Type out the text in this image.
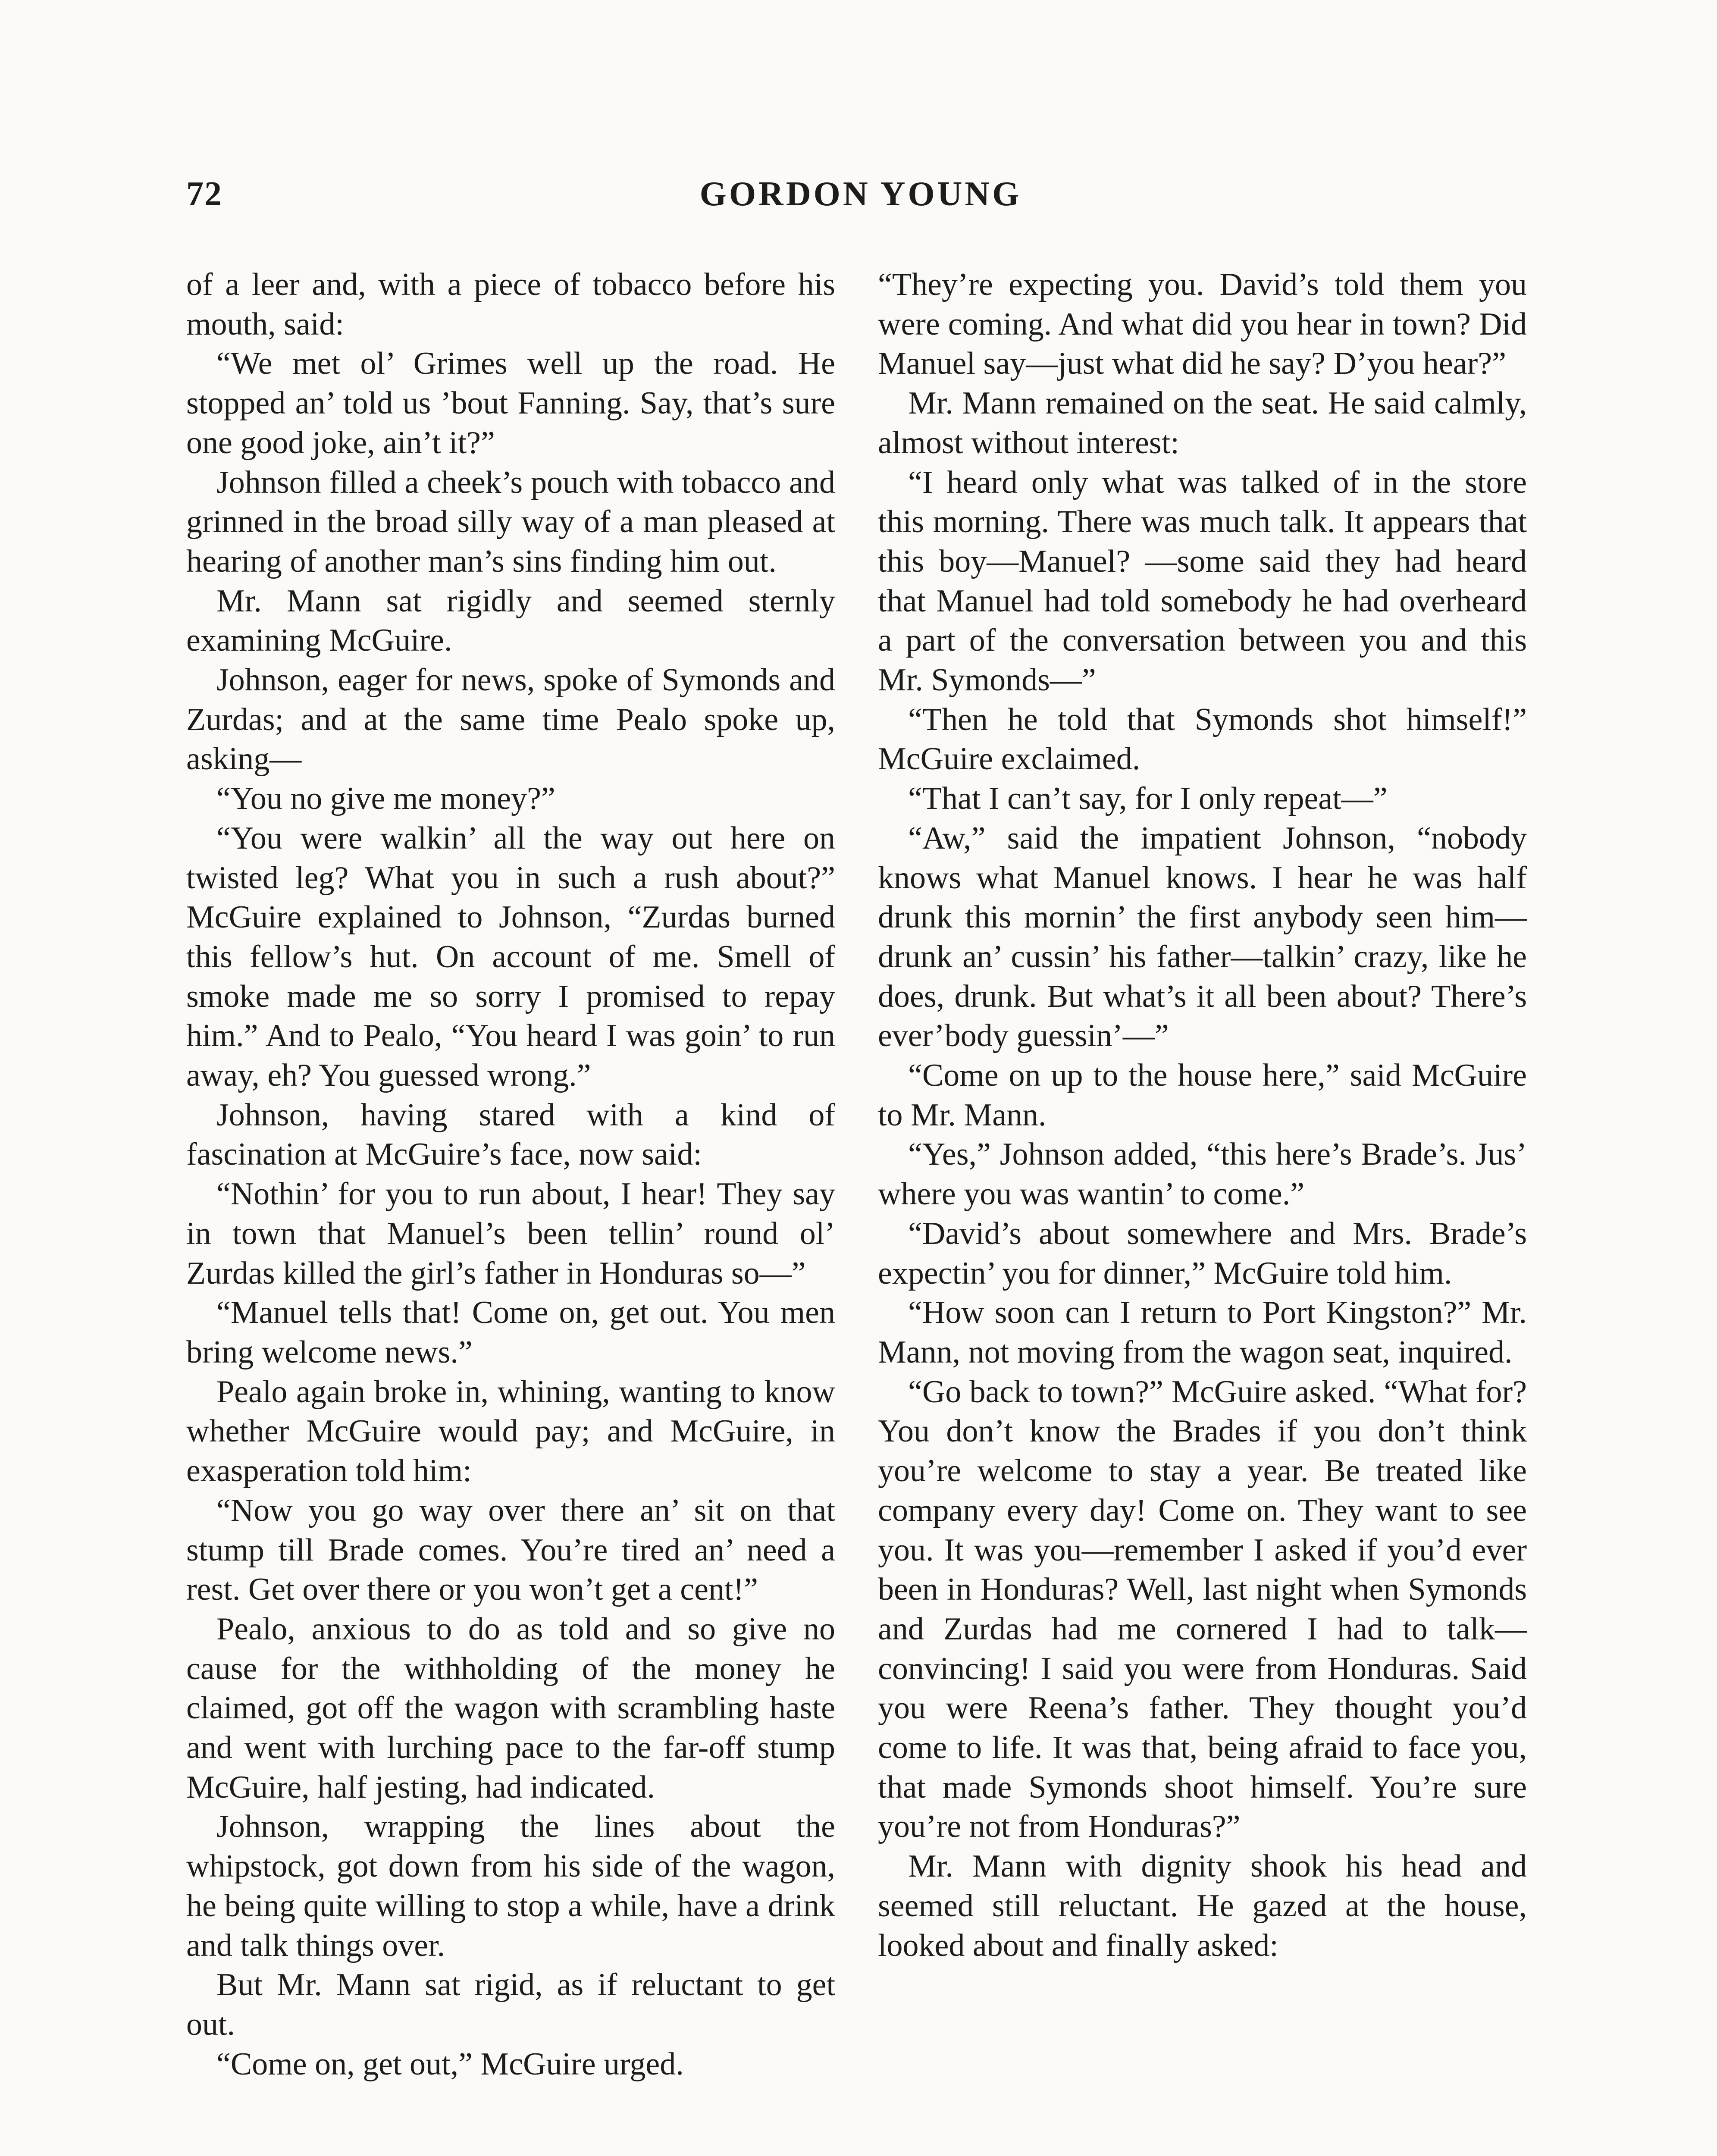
72	GORDON YOUNG

of a leer and, with a piece of tobacco before his mouth, said:

“We met ol’ Grimes well up the road. He stopped an’ told us ’bout Fanning. Say, that’s sure one good joke, ain’t it?”

Johnson filled a cheek’s pouch with tobacco and grinned in the broad silly way of a man pleased at hearing of another man’s sins finding him out.

Mr. Mann sat rigidly and seemed sternly examining McGuire.

Johnson, eager for news, spoke of Symonds and Zurdas; and at the same time Pealo spoke up, asking—

“You no give me money?”

“You were walkin’ all the way out here on twisted leg? What you in such a rush about?” McGuire explained to Johnson, “Zurdas burned this fellow’s hut. On account of me. Smell of smoke made me so sorry I promised to repay him.” And to Pealo, “You heard I was goin’ to run away, eh? You guessed wrong.”

Johnson, having stared with a kind of fascination at McGuire’s face, now said:

“Nothin’ for you to run about, I hear! They say in town that Manuel’s been tellin’ round ol’ Zurdas killed the girl’s father in Honduras so—”

“Manuel tells that! Come on, get out. You men bring welcome news.”

Pealo again broke in, whining, wanting to know whether McGuire would pay; and McGuire, in exasperation told him:

“Now you go way over there an’ sit on that stump till Brade comes. You’re tired an’ need a rest. Get over there or you won’t get a cent!”

Pealo, anxious to do as told and so give no cause for the withholding of the money he claimed, got off the wagon with scrambling haste and went with lurching pace to the far-off stump McGuire, half jesting, had indicated.

Johnson, wrapping the lines about the whipstock, got down from his side of the wagon, he being quite willing to stop a while, have a drink and talk things over.

But Mr. Mann sat rigid, as if reluctant to get out.

“Come on, get out,” McGuire urged.

“They’re expecting you. David’s told them you were coming. And what did you hear in town? Did Manuel say—just what did he say? D’you hear?”

Mr. Mann remained on the seat. He said calmly, almost without interest:

“I heard only what was talked of in the store this morning. There was much talk. It appears that this boy—Manuel? —some said they had heard that Manuel had told somebody he had overheard a part of the conversation between you and this Mr. Symonds—”

“Then he told that Symonds shot himself!” McGuire exclaimed.

“That I can’t say, for I only repeat—”

“Aw,” said the impatient Johnson, “nobody knows what Manuel knows. I hear he was half drunk this mornin’ the first anybody seen him—drunk an’ cussin’ his father—talkin’ crazy, like he does, drunk. But what’s it all been about? There’s ever’body guessin’—”

“Come on up to the house here,” said McGuire to Mr. Mann.

“Yes,” Johnson added, “this here’s Brade’s. Jus’ where you was wantin’ to come.”

“David’s about somewhere and Mrs. Brade’s expectin’ you for dinner,” McGuire told him.

“How soon can I return to Port Kingston?” Mr. Mann, not moving from the wagon seat, inquired.

“Go back to town?” McGuire asked. “What for? You don’t know the Brades if you don’t think you’re welcome to stay a year. Be treated like company every day! Come on. They want to see you. It was you—remember I asked if you’d ever been in Honduras? Well, last night when Symonds and Zurdas had me cornered I had to talk—convincing! I said you were from Honduras. Said you were Reena’s father. They thought you’d come to life. It was that, being afraid to face you, that made Symonds shoot himself. You’re sure you’re not from Honduras?”

Mr. Mann with dignity shook his head and seemed still reluctant. He gazed at the house, looked about and finally asked:
